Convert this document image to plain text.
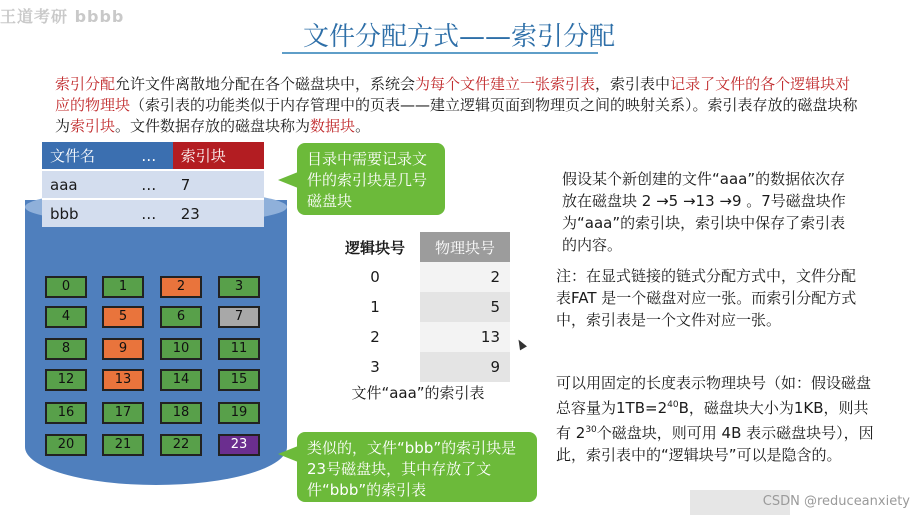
王道考研 bbbb
文件分配方式——索引分配
索引分配允许文件离散地分配在各个磁盘块中，系统会为每个文件建立一张索引表，索引表中记录了文件的各个逻辑块对应的物理块（索引表的功能类似于内存管理中的页表——建立逻辑页面到物理页之间的映射关系）。索引表存放的磁盘块称为索引块。文件数据存放的磁盘块称为数据块。
文件名	…	索引块
aaa	…	7
bbb	…	23
0	1	2	3
4	5	6	7
8	9	10	11
12	13	14	15
16	17	18	19
20	21	22	23
目录中需要记录文件的索引块是几号磁盘块
类似的，文件“bbb”的索引块是23号磁盘块，其中存放了文件“bbb”的索引表
逻辑块号	物理块号
0	2
1	5
2	13
3	9
文件“aaa”的索引表
假设某个新创建的文件“aaa”的数据依次存放在磁盘块 2 →5 →13 →9 。7号磁盘块作为“aaa”的索引块，索引块中保存了索引表的内容。
注：在显式链接的链式分配方式中，文件分配表FAT 是一个磁盘对应一张。而索引分配方式中，索引表是一个文件对应一张。
可以用固定的长度表示物理块号（如：假设磁盘总容量为$1TB=2^{40}B$，磁盘块大小为1KB，则共有 $2^{30}$个磁盘块，则可用 4B 表示磁盘块号），因此，索引表中的“逻辑块号”可以是隐含的。
CSDN @reduceanxiety
